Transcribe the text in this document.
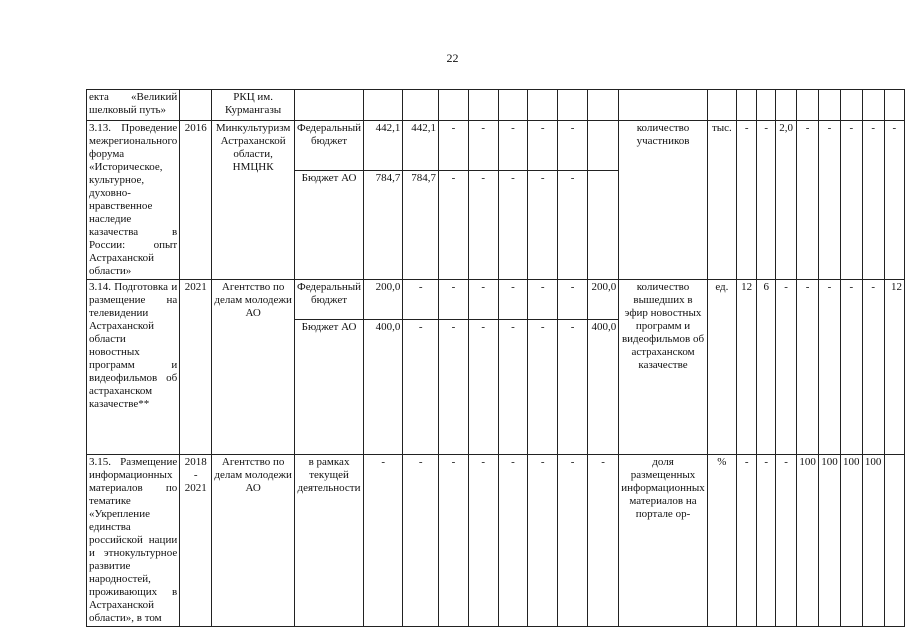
22
екта «Великий шелковый путь»		РКЦ им. Курмангазы																			
3.13. Проведение межрегионального форума «Историческое, культурное, духовно-нравственное наследие казачества в России: опыт Астраханской области»	2016	Минкультуризм Астраханской области, НМЦНК	Федеральный бюджет	442,1	442,1	-	-	-	-	-		количество участников	тыс.	-	-	2,0	-	-	-	-	-
			Бюджет АО	784,7	784,7	-	-	-	-	-											
3.14. Подготовка и размещение на телевидении Астраханской области новостных программ и видеофильмов об астраханском казачестве**	2021	Агентство по делам молодежи АО	Федеральный бюджет	200,0	-	-	-	-	-	-	200,0	количество вышедших в эфир новостных программ и видеофильмов об астраханском казачестве	ед.	12	6	-	-	-	-	-	12
			Бюджет АО	400,0	-	-	-	-	-	-	400,0										
3.15. Размещение информационных материалов по тематике «Укрепление единства российской нации и этнокультурное развитие народностей, проживающих в Астраханской области», в том	2018 - 2021	Агентство по делам молодежи АО	в рамках текущей деятельности	-	-	-	-	-	-	-	-	доля размещенных информационных материалов на портале ор-	%	-	-	-	100	100	100	100	
